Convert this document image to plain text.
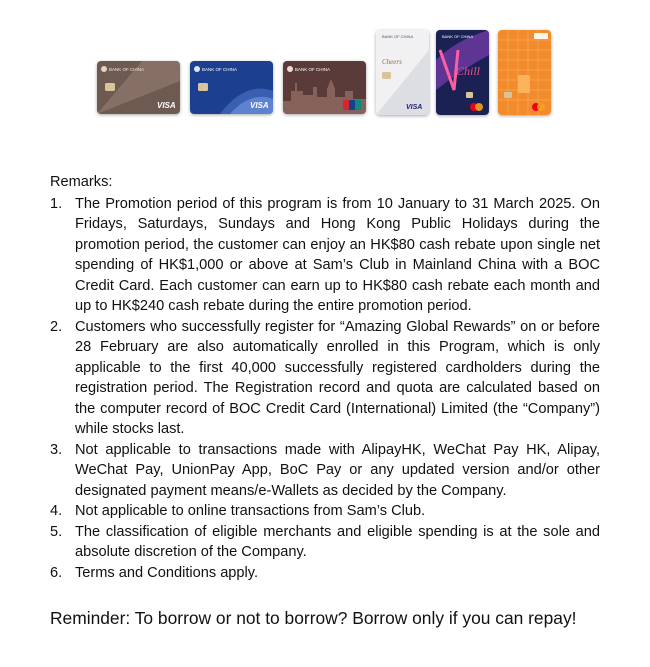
BANK OF CHINA
VISA
BANK OF CHINA
VISA
BANK OF CHINA
BANK OF CHINA
Cheers
VISA
BANK OF CHINA
Chill
Remarks:
1. The Promotion period of this program is from 10 January to 31 March 2025. On Fridays, Saturdays, Sundays and Hong Kong Public Holidays during the promotion period, the customer can enjoy an HK$80 cash rebate upon single net spending of HK$1,000 or above at Sam’s Club in Mainland China with a BOC Credit Card. Each customer can earn up to HK$80 cash rebate each month and up to HK$240 cash rebate during the entire promotion period.
2. Customers who successfully register for “Amazing Global Rewards” on or before 28 February are also automatically enrolled in this Program, which is only applicable to the first 40,000 successfully registered cardholders during the registration period. The Registration record and quota are calculated based on the computer record of BOC Credit Card (International) Limited (the “Company”) while stocks last.
3. Not applicable to transactions made with AlipayHK, WeChat Pay HK, Alipay, WeChat Pay, UnionPay App, BoC Pay or any updated version and/or other designated payment means/e-Wallets as decided by the Company.
4. Not applicable to online transactions from Sam’s Club.
5. The classification of eligible merchants and eligible spending is at the sole and absolute discretion of the Company.
6. Terms and Conditions apply.
Reminder: To borrow or not to borrow? Borrow only if you can repay!
